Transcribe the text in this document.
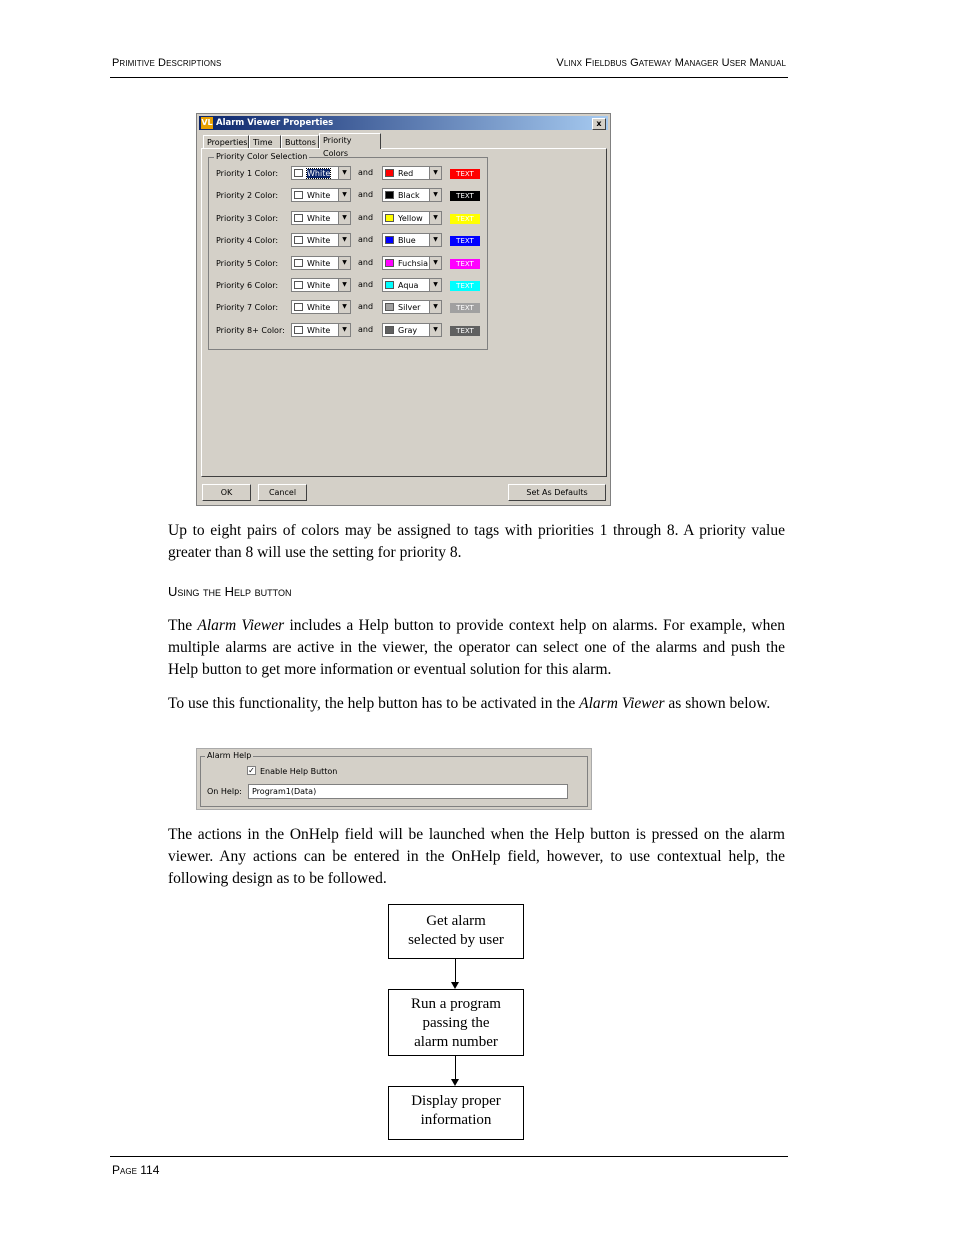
Primitive Descriptions	Vlinx Fieldbus Gateway Manager User Manual
VL Alarm Viewer Properties	x
Properties Time	Buttons Priority Colors
Priority Color Selection
Priority 1 Color:	White	▼	and	Red	▼	TEXT
Priority 2 Color:	White	▼	and	Black	▼	TEXT
Priority 3 Color:	White	▼	and	Yellow	▼	TEXT
Priority 4 Color:	White	▼	and	Blue	▼	TEXT
Priority 5 Color:	White	▼	and	Fuchsia ▼	TEXT
Priority 6 Color:	White	▼	and	Aqua	▼	TEXT
Priority 7 Color:	White	▼	and	Silver	▼	TEXT
Priority 8+ Color:	White	▼	and	Gray	▼	TEXT
OK	Cancel	Set As Defaults
Up to eight pairs of colors may be assigned to tags with priorities 1 through 8. A priority value greater than 8 will use the setting for priority 8.
Using the Help button
The Alarm Viewer includes a Help button to provide context help on alarms. For example, when multiple alarms are active in the viewer, the operator can select one of the alarms and push the Help button to get more information or eventual solution for this alarm.
To use this functionality, the help button has to be activated in the Alarm Viewer as shown below.
Alarm Help
✓ Enable Help Button
On Help:	Program1(Data)
The actions in the OnHelp field will be launched when the Help button is pressed on the alarm viewer. Any actions can be entered in the OnHelp field, however, to use contextual help, the following design as to be followed.
Get alarm
selected by user
Run a program
passing the
alarm number
Display proper
information
Page 114
